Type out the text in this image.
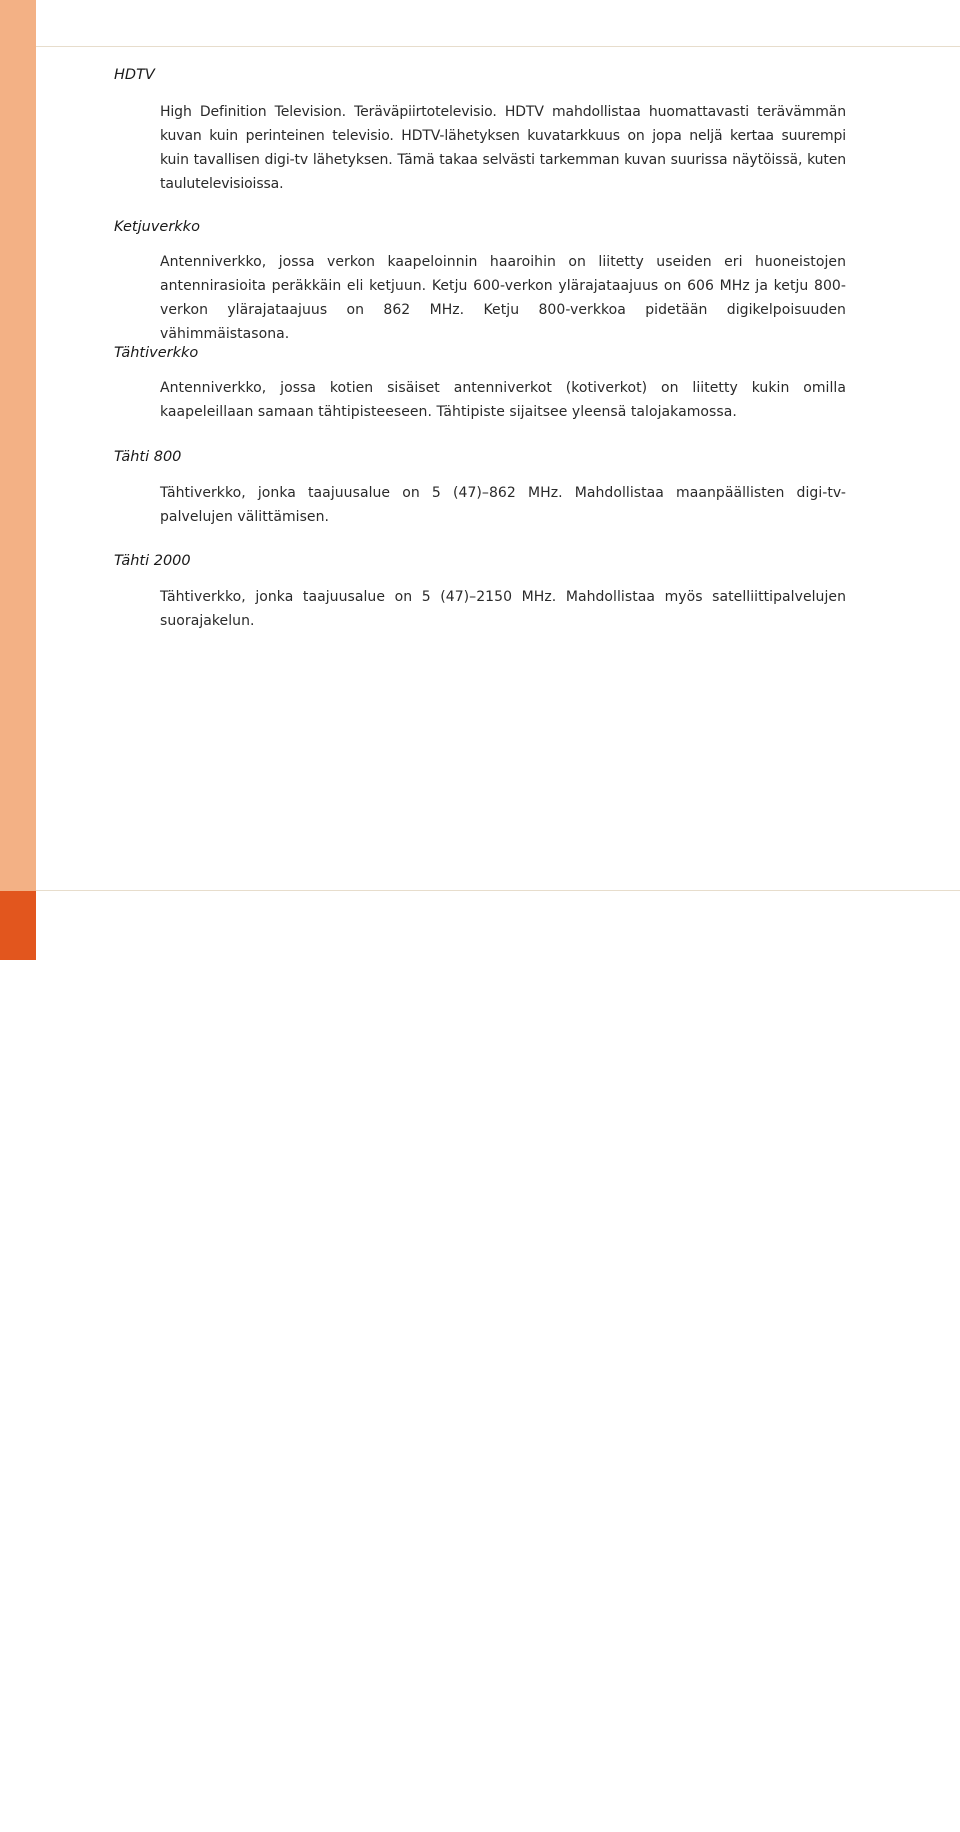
HDTV

High Definition Television. Teräväpiirtotelevisio. HDTV mahdollistaa huomattavasti terävämmän kuvan kuin perinteinen televisio. HDTV-lähetyksen kuvatarkkuus on jopa neljä kertaa suurempi kuin tavallisen digi-tv lähetyksen. Tämä takaa selvästi tarkemman kuvan suurissa näytöissä, kuten taulutelevisioissa.

Ketjuverkko

Antenniverkko, jossa verkon kaapeloinnin haaroihin on liitetty useiden eri huoneistojen antennirasioita peräkkäin eli ketjuun. Ketju 600-verkon ylärajataajuus on 606 MHz ja ketju 800-verkon ylärajataajuus on 862 MHz. Ketju 800-verkkoa pidetään digikelpoisuuden vähimmäistasona.

Tähtiverkko

Antenniverkko, jossa kotien sisäiset antenniverkot (kotiverkot) on liitetty kukin omilla kaapeleillaan samaan tähtipisteeseen. Tähtipiste sijaitsee yleensä talojakamossa.

Tähti 800

Tähtiverkko, jonka taajuusalue on 5 (47)–862 MHz. Mahdollistaa maanpäällisten digi-tv-palvelujen välittämisen.

Tähti 2000

Tähtiverkko, jonka taajuusalue on 5 (47)–2150 MHz. Mahdollistaa myös satelliittipalvelujen suorajakelun.
